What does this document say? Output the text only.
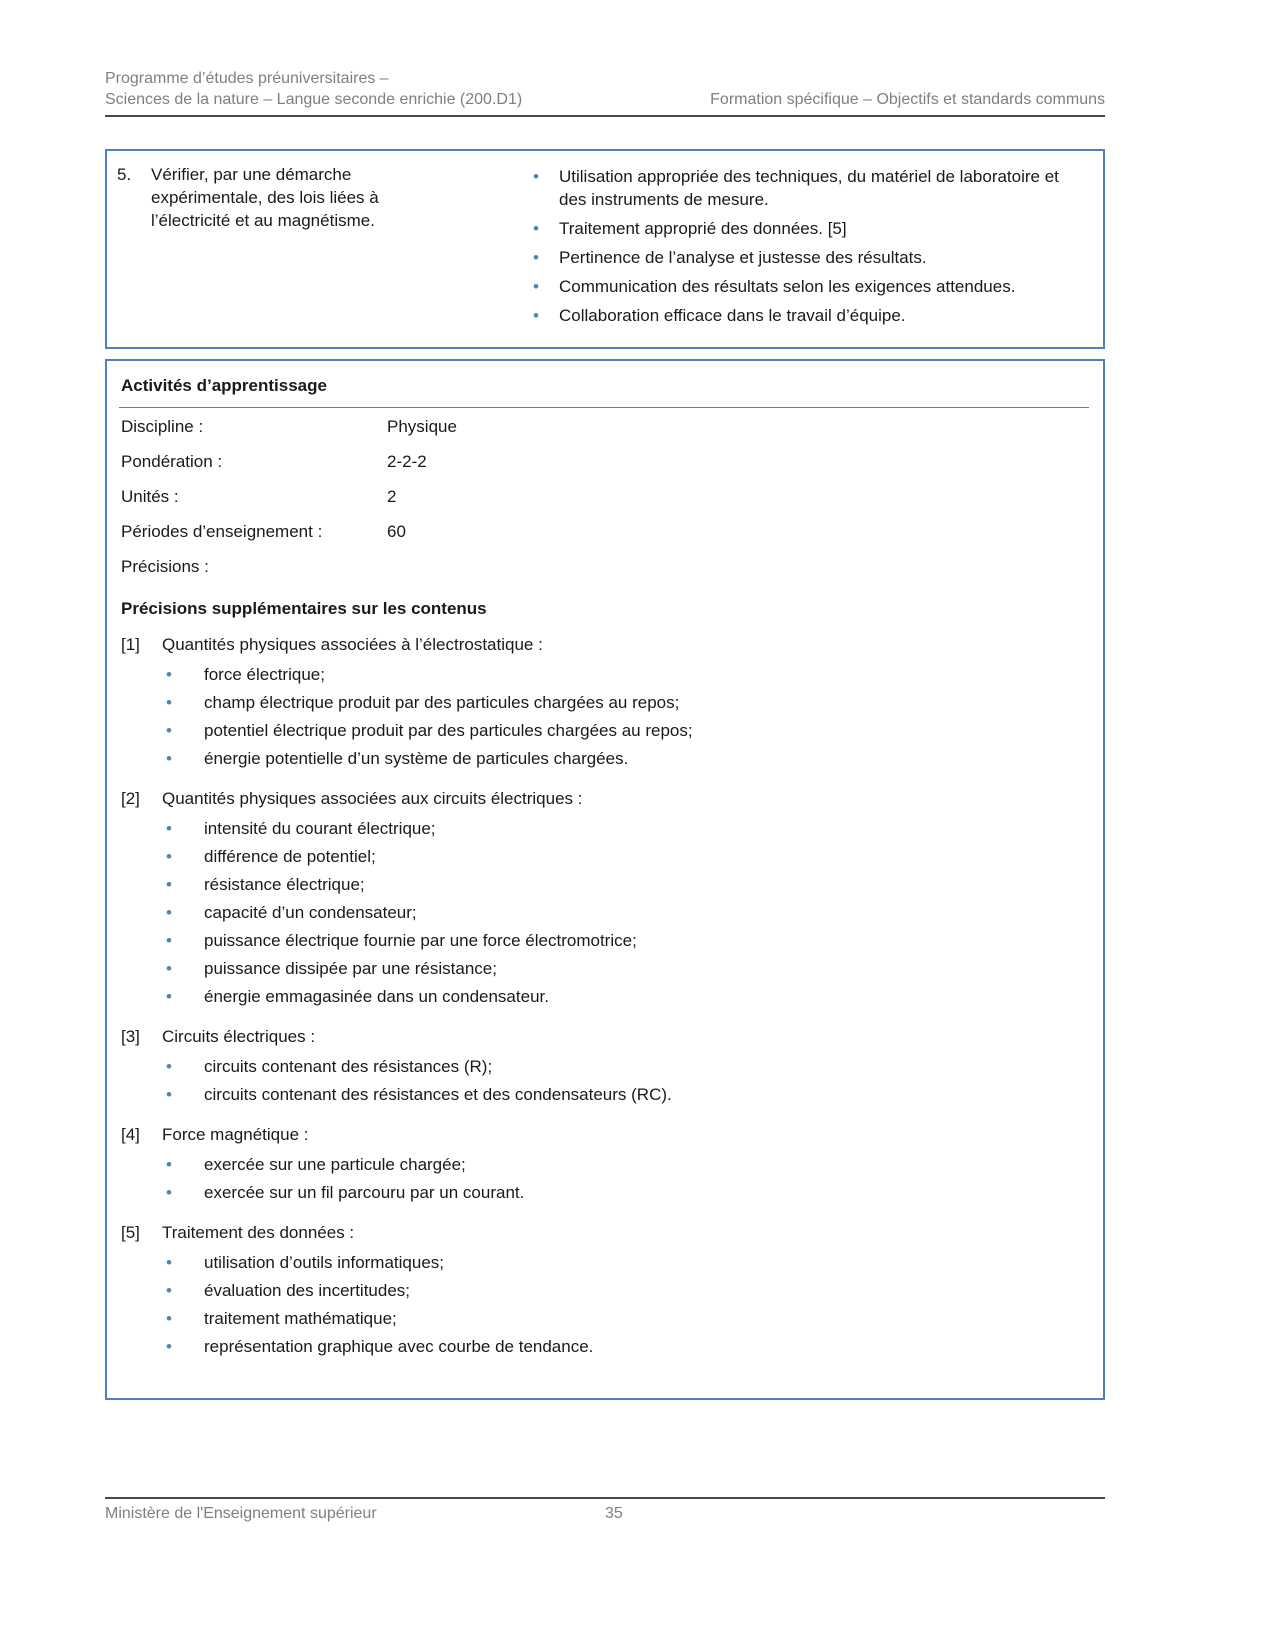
Programme d’études préuniversitaires –
Sciences de la nature – Langue seconde enrichie (200.D1)	Formation spécifique – Objectifs et standards communs
5.	Vérifier, par une démarche expérimentale, des lois liées à l’électricité et au magnétisme.
•	Utilisation appropriée des techniques, du matériel de laboratoire et des instruments de mesure.
•	Traitement approprié des données. [5]
•	Pertinence de l’analyse et justesse des résultats.
•	Communication des résultats selon les exigences attendues.
•	Collaboration efficace dans le travail d’équipe.
Activités d’apprentissage
Discipline :	Physique
Pondération :	2-2-2
Unités :	2
Périodes d’enseignement :	60
Précisions :
Précisions supplémentaires sur les contenus
[1]	Quantités physiques associées à l’électrostatique :
•	force électrique;
•	champ électrique produit par des particules chargées au repos;
•	potentiel électrique produit par des particules chargées au repos;
•	énergie potentielle d’un système de particules chargées.
[2]	Quantités physiques associées aux circuits électriques :
•	intensité du courant électrique;
•	différence de potentiel;
•	résistance électrique;
•	capacité d’un condensateur;
•	puissance électrique fournie par une force électromotrice;
•	puissance dissipée par une résistance;
•	énergie emmagasinée dans un condensateur.
[3]	Circuits électriques :
•	circuits contenant des résistances (R);
•	circuits contenant des résistances et des condensateurs (RC).
[4]	Force magnétique :
•	exercée sur une particule chargée;
•	exercée sur un fil parcouru par un courant.
[5]	Traitement des données :
•	utilisation d’outils informatiques;
•	évaluation des incertitudes;
•	traitement mathématique;
•	représentation graphique avec courbe de tendance.
Ministère de l'Enseignement supérieur	35
